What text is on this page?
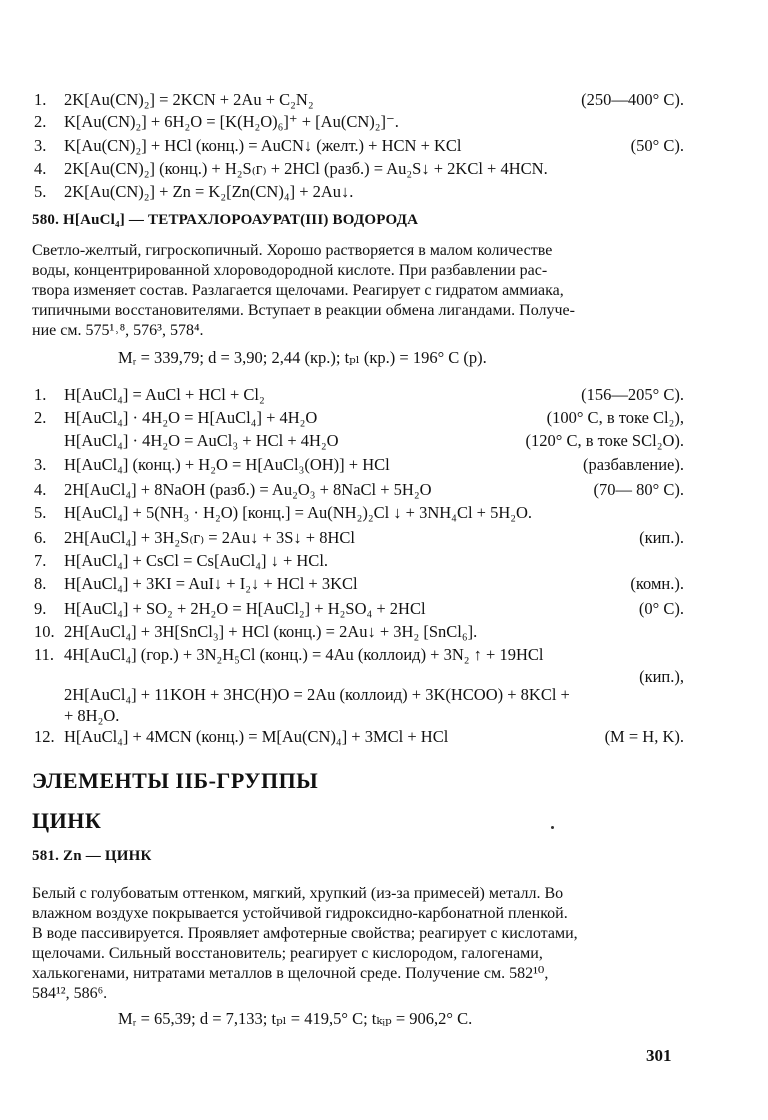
1. 2K[Au(CN)₂] = 2KCN + 2Au + C₂N₂	(250—400° C).
2. K[Au(CN)₂] + 6H₂O = [K(H₂O)₆]⁺ + [Au(CN)₂]⁻.
3. K[Au(CN)₂] + HCl (конц.) = AuCN↓ (желт.) + HCN + KCl	(50° C).
4. 2K[Au(CN)₂] (конц.) + H₂S₍г₎ + 2HCl (разб.) = Au₂S↓ + 2KCl + 4HCN.
5. 2K[Au(CN)₂] + Zn = K₂[Zn(CN)₄] + 2Au↓.
580. H[AuCl₄] — ТЕТРАХЛОРОАУРАТ(III) ВОДОРОДА
Светло-желтый, гигроскопичный. Хорошо растворяется в малом количестве
воды, концентрированной хлороводородной кислоте. При разбавлении рас-
твора изменяет состав. Разлагается щелочами. Реагирует с гидратом аммиака,
типичными восстановителями. Вступает в реакции обмена лигандами. Получе-
ние см. 575¹˒⁸, 576³, 578⁴.
Mᵣ = 339,79; d = 3,90; 2,44 (кр.); tₚₗ (кр.) = 196° C (р).
1. H[AuCl₄] = AuCl + HCl + Cl₂	(156—205° C).
2. H[AuCl₄] · 4H₂O = H[AuCl₄] + 4H₂O	(100° C, в токе Cl₂),
H[AuCl₄] · 4H₂O = AuCl₃ + HCl + 4H₂O	(120° C, в токе SCl₂O).
3. H[AuCl₄] (конц.) + H₂O = H[AuCl₃(OH)] + HCl	(разбавление).
4. 2H[AuCl₄] + 8NaOH (разб.) = Au₂O₃ + 8NaCl + 5H₂O	(70— 80° C).
5. H[AuCl₄] + 5(NH₃ · H₂O) [конц.] = Au(NH₂)₂Cl ↓ + 3NH₄Cl + 5H₂O.
6. 2H[AuCl₄] + 3H₂S₍г₎ = 2Au↓ + 3S↓ + 8HCl	(кип.).
7. H[AuCl₄] + CsCl = Cs[AuCl₄] ↓ + HCl.
8. H[AuCl₄] + 3KI = AuI↓ + I₂↓ + HCl + 3KCl	(комн.).
9. H[AuCl₄] + SO₂ + 2H₂O = H[AuCl₂] + H₂SO₄ + 2HCl	(0° C).
10. 2H[AuCl₄] + 3H[SnCl₃] + HCl (конц.) = 2Au↓ + 3H₂ [SnCl₆].
11. 4H[AuCl₄] (гор.) + 3N₂H₅Cl (конц.) = 4Au (коллоид) + 3N₂ ↑ + 19HCl
(кип.),
2H[AuCl₄] + 11KOH + 3HC(H)O = 2Au (коллоид) + 3K(HCOO) + 8KCl +
+ 8H₂O.
12. H[AuCl₄] + 4MCN (конц.) = M[Au(CN)₄] + 3MCl + HCl	(M = H, K).
ЭЛЕМЕНТЫ IIБ-ГРУППЫ
ЦИНК
581. Zn — ЦИНК
Белый с голубоватым оттенком, мягкий, хрупкий (из-за примесей) металл. Во
влажном воздухе покрывается устойчивой гидроксидно-карбонатной пленкой.
В воде пассивируется. Проявляет амфотерные свойства; реагирует с кислотами,
щелочами. Сильный восстановитель; реагирует с кислородом, галогенами,
халькогенами, нитратами металлов в щелочной среде. Получение см. 582¹⁰,
584¹², 586⁶.
Mᵣ = 65,39; d = 7,133; tₚₗ = 419,5° C; tₖᵢₚ = 906,2° C.
301
